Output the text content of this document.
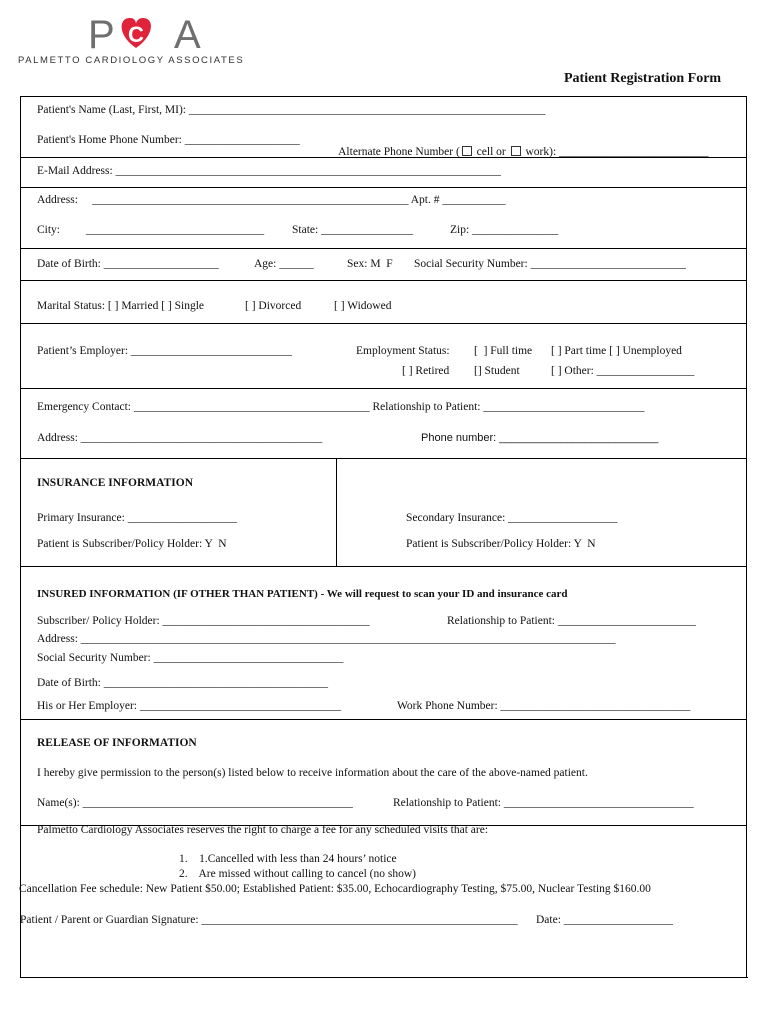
P C A

PALMETTO CARDIOLOGY ASSOCIATES

Patient Registration Form
Patient's Name (Last, First, MI): ______________________________________________________________
Patient's Home Phone Number: ____________________

Alternate Phone Number ( cell or  work): __________________________

E-Mail Address: ___________________________________________________________________
Address:     _______________________________________________________ Apt. # ___________
City:         _______________________________ State: ________________	Zip: _______________
Date of Birth: ____________________	Age: ______	Sex: M  F Social Security Number: ___________________________
Marital Status: [ ] Married [ ] Single	[ ] Divorced	[ ] Widowed
Patient’s Employer: ____________________________	Employment Status: [  ] Full time [ ] Part time [ ] Unemployed
[ ] Retired [] Student	[ ] Other: _________________
Emergency Contact: _________________________________________ Relationship to Patient: ____________________________
Address: __________________________________________	Phone number: __________________________
INSURANCE INFORMATION
Primary Insurance: ___________________	Secondary Insurance: ___________________
Patient is Subscriber/Policy Holder: Y  N	Patient is Subscriber/Policy Holder: Y  N
INSURED INFORMATION (IF OTHER THAN PATIENT) - We will request to scan your ID and insurance card
Subscriber/ Policy Holder: ____________________________________	Relationship to Patient: ________________________
Address: _____________________________________________________________________________________________
Social Security Number: _________________________________
Date of Birth: _______________________________________
His or Her Employer: ___________________________________	Work Phone Number: _________________________________
RELEASE OF INFORMATION
I hereby give permission to the person(s) listed below to receive information about the care of the above-named patient.
Name(s): _______________________________________________	Relationship to Patient: _________________________________
Palmetto Cardiology Associates reserves the right to charge a fee for any scheduled visits that are:
1.    1.Cancelled with less than 24 hours’ notice
2.    Are missed without calling to cancel (no show)
Cancellation Fee schedule: New Patient $50.00; Established Patient: $35.00, Echocardiography Testing, $75.00, Nuclear Testing $160.00
Patient / Parent or Guardian Signature: _______________________________________________________ Date: ___________________
